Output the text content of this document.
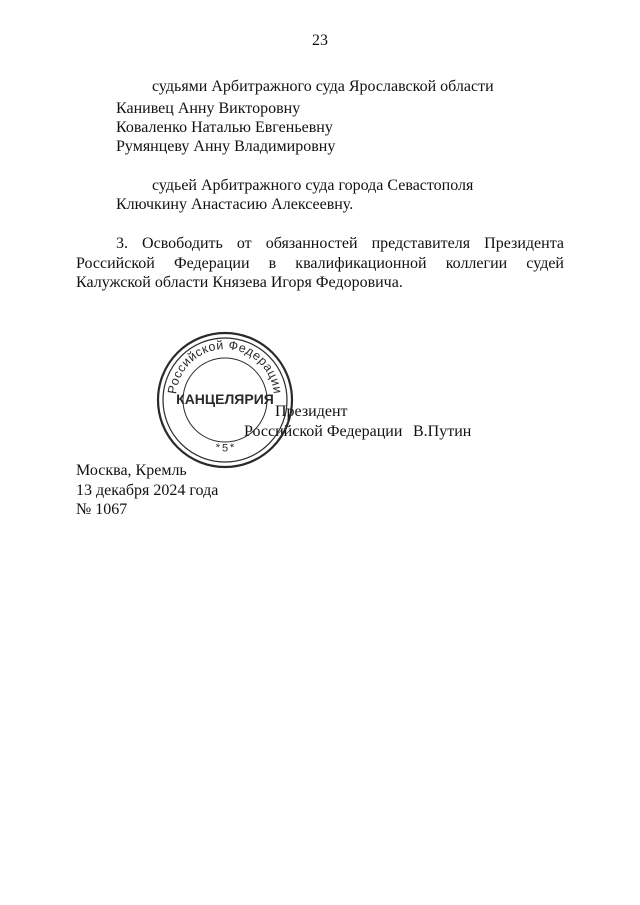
23
судьями Арбитражного суда Ярославской области
Канивец Анну Викторовну
Коваленко Наталью Евгеньевну
Румянцеву Анну Владимировну
судьей Арбитражного суда города Севастополя
Ключкину Анастасию Алексеевну.
3. Освободить от обязанностей представителя Президента
Российской Федерации в квалификационной коллегии судей
Калужской области Князева Игоря Федоровича.
Президент
Российской Федерации В.Путин
Российской Федерации
* 5 *
КАНЦЕЛЯРИЯ
Москва, Кремль
13 декабря 2024 года
№ 1067
